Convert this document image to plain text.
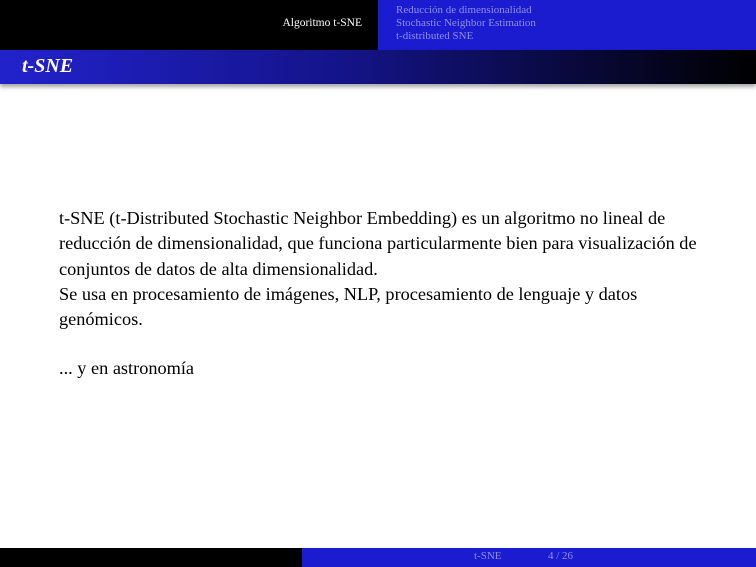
Algoritmo t-SNE
Reducción de dimensionalidad
Stochastic Neighbor Estimation
t-distributed SNE
t-SNE

t-SNE (t-Distributed Stochastic Neighbor Embedding) es un algoritmo no lineal de reducción de dimensionalidad, que funciona particularmente bien para visualización de conjuntos de datos de alta dimensionalidad.

Se usa en procesamiento de imágenes, NLP, procesamiento de lenguaje y datos genómicos.

... y en astronomía

t-SNE	4 / 26
